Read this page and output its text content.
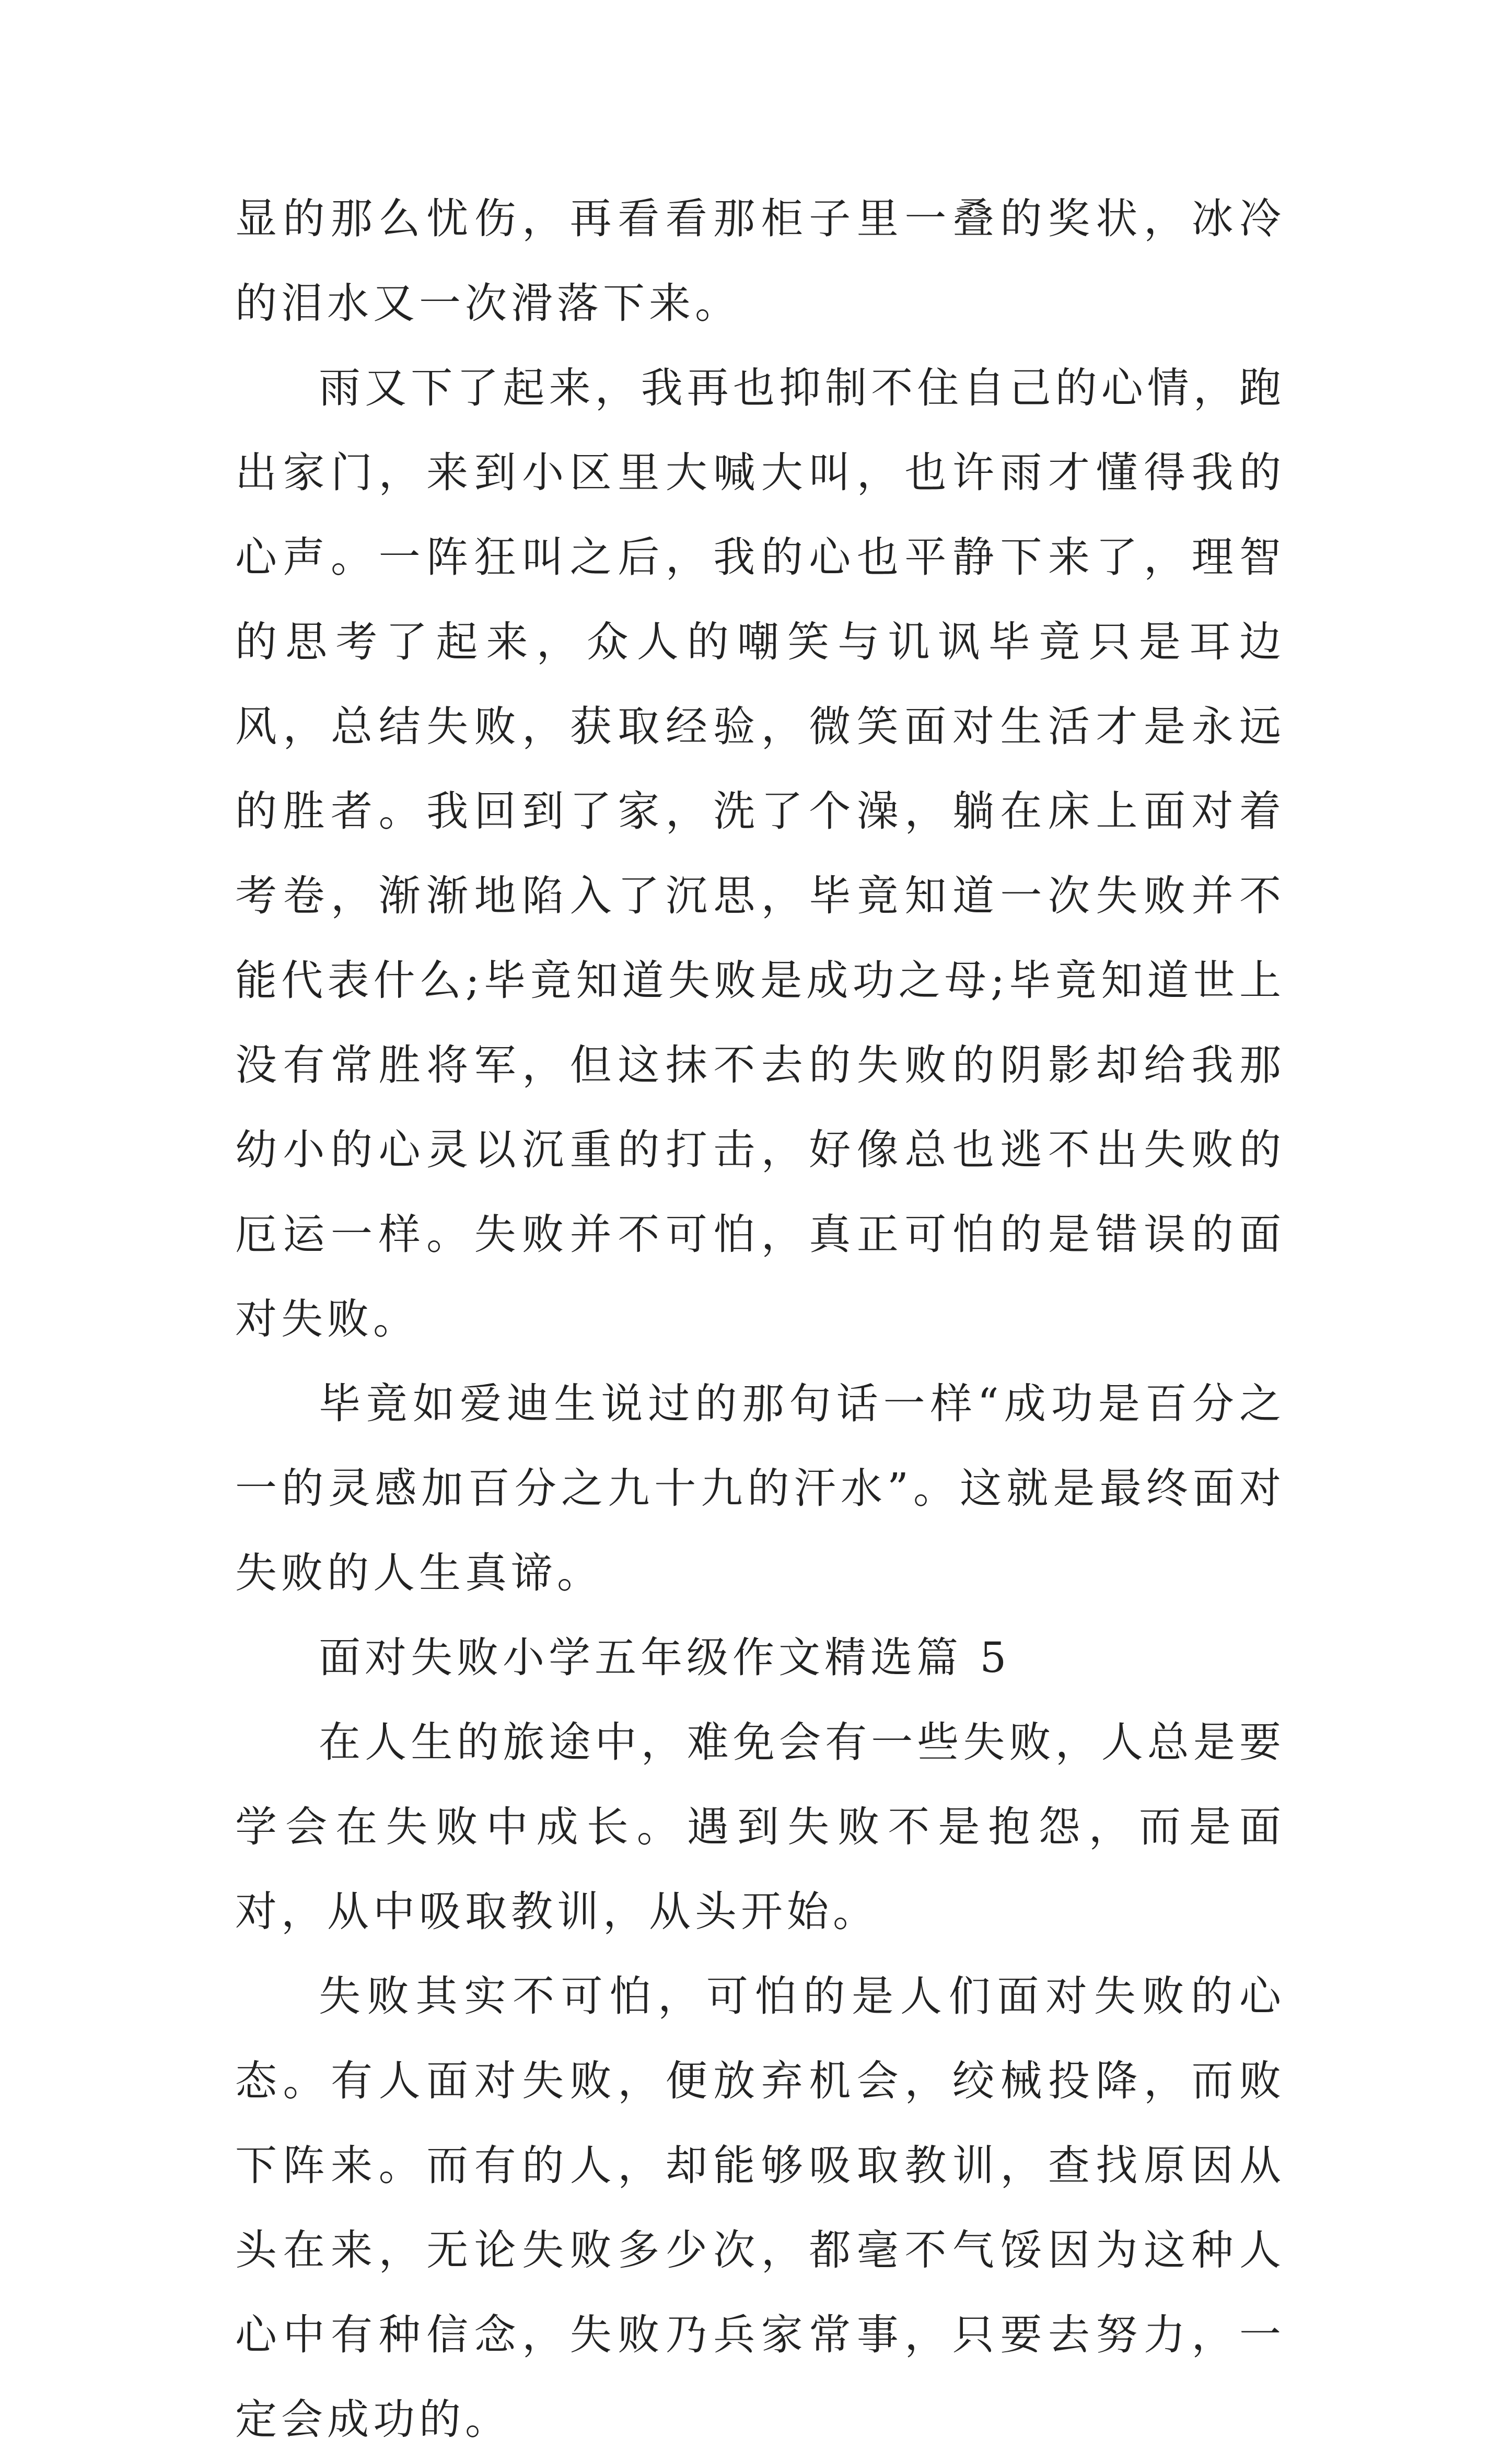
显的那么忧伤，再看看那柜子里一叠的奖状，冰冷的泪水又一次滑落下来。

雨又下了起来，我再也抑制不住自己的心情，跑出家门，来到小区里大喊大叫，也许雨才懂得我的心声。一阵狂叫之后，我的心也平静下来了，理智的思考了起来，众人的嘲笑与讥讽毕竟只是耳边风，总结失败，获取经验，微笑面对生活才是永远的胜者。我回到了家，洗了个澡，躺在床上面对着考卷，渐渐地陷入了沉思，毕竟知道一次失败并不能代表什么;毕竟知道失败是成功之母;毕竟知道世上没有常胜将军，但这抹不去的失败的阴影却给我那幼小的心灵以沉重的打击，好像总也逃不出失败的厄运一样。失败并不可怕，真正可怕的是错误的面对失败。

毕竟如爱迪生说过的那句话一样“成功是百分之一的灵感加百分之九十九的汗水”。这就是最终面对失败的人生真谛。

面对失败小学五年级作文精选篇 5

在人生的旅途中，难免会有一些失败，人总是要学会在失败中成长。遇到失败不是抱怨，而是面对，从中吸取教训，从头开始。

失败其实不可怕，可怕的是人们面对失败的心态。有人面对失败，便放弃机会，绞械投降，而败下阵来。而有的人，却能够吸取教训，查找原因从头在来，无论失败多少次，都毫不气馁因为这种人心中有种信念，失败乃兵家常事，只要去努力，一定会成功的。
